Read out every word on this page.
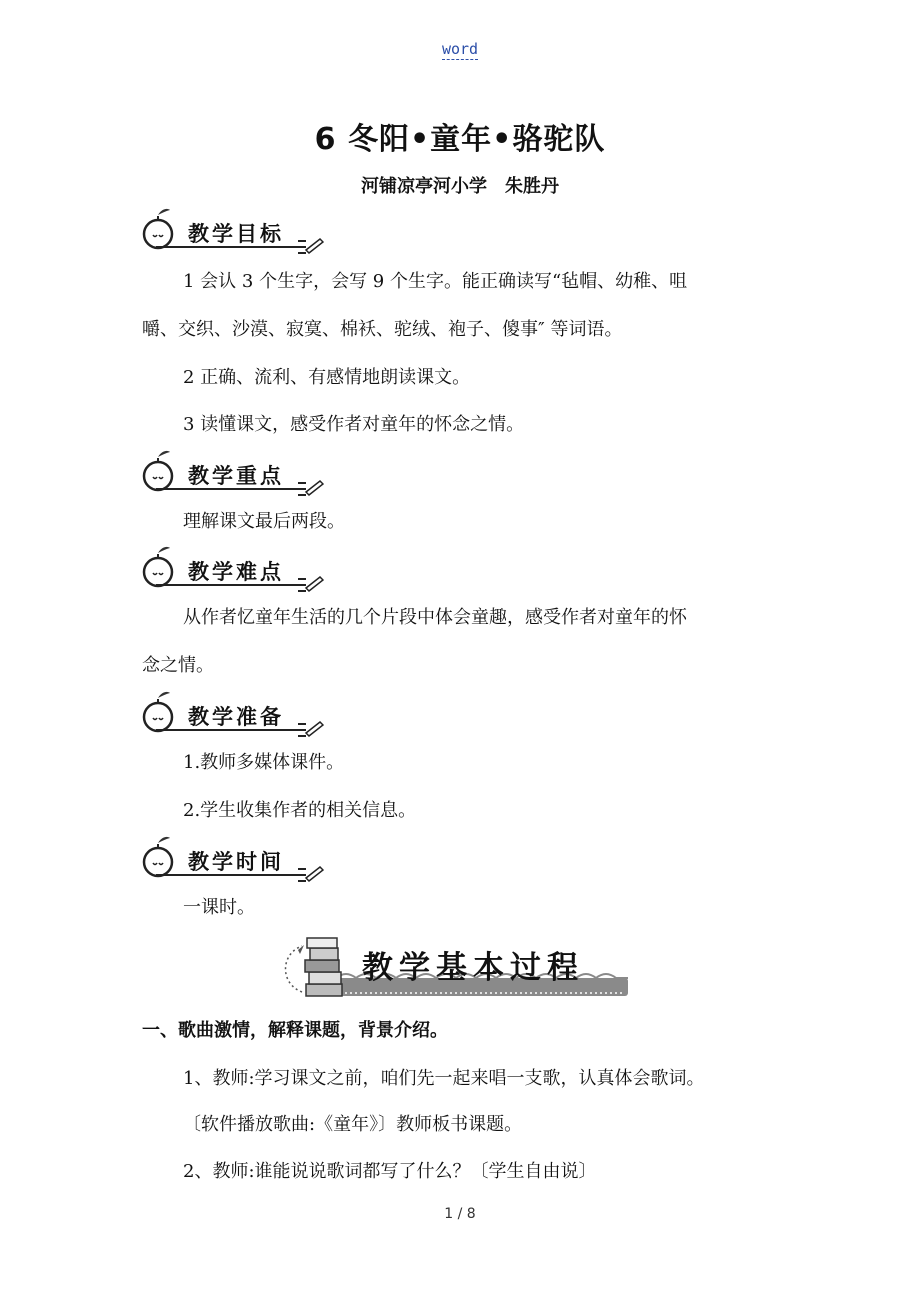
word
6 冬阳•童年•骆驼队
河铺凉亭河小学　朱胜丹
教学目标
1 会认 3 个生字，会写 9 个生字。能正确读写“毡帽、幼稚、咀
嚼、交织、沙漠、寂寞、棉袄、驼绒、袍子、傻事″ 等词语。
2 正确、流利、有感情地朗读课文。
3 读懂课文，感受作者对童年的怀念之情。
教学重点
理解课文最后两段。
教学难点
从作者忆童年生活的几个片段中体会童趣，感受作者对童年的怀
念之情。
教学准备
1.教师多媒体课件。
2.学生收集作者的相关信息。
教学时间
一课时。
教学基本过程
一、歌曲激情，解释课题，背景介绍。
1、教师:学习课文之前，咱们先一起来唱一支歌，认真体会歌词。
〔软件播放歌曲:《童年》〕教师板书课题。
2、教师:谁能说说歌词都写了什么？〔学生自由说〕
1 / 8
